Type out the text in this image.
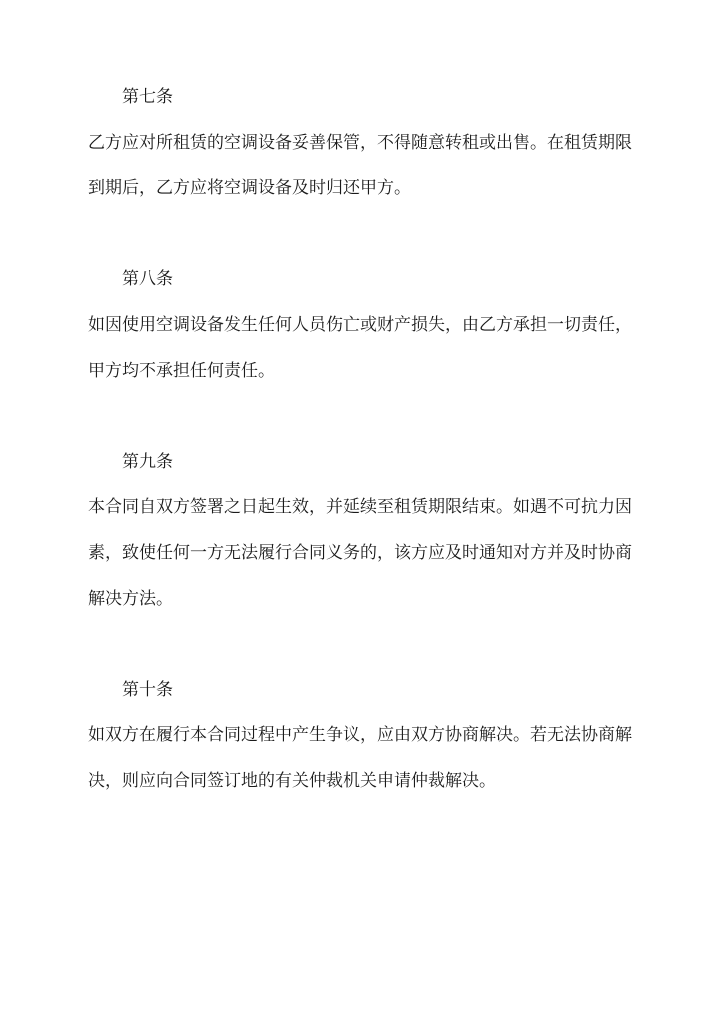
第七条
乙方应对所租赁的空调设备妥善保管，不得随意转租或出售。在租赁期限
到期后，乙方应将空调设备及时归还甲方。
第八条
如因使用空调设备发生任何人员伤亡或财产损失，由乙方承担一切责任，
甲方均不承担任何责任。
第九条
本合同自双方签署之日起生效，并延续至租赁期限结束。如遇不可抗力因
素，致使任何一方无法履行合同义务的，该方应及时通知对方并及时协商
解决方法。
第十条
如双方在履行本合同过程中产生争议，应由双方协商解决。若无法协商解
决，则应向合同签订地的有关仲裁机关申请仲裁解决。
